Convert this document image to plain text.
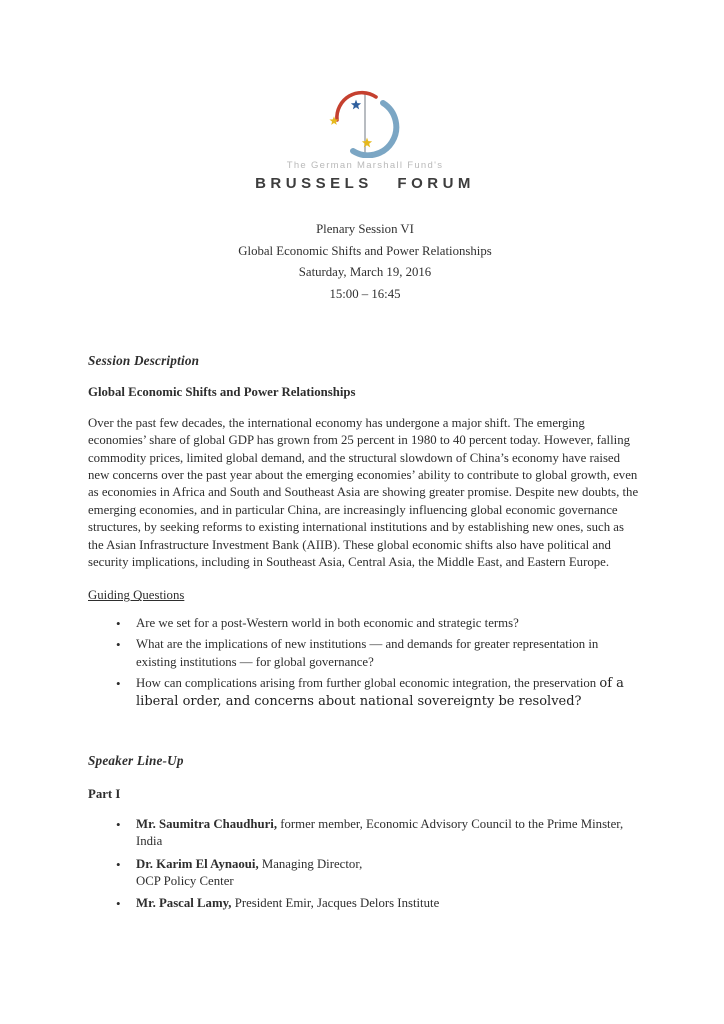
The German Marshall Fund's
BRUSSELS FORUM
Plenary Session VI
Global Economic Shifts and Power Relationships
Saturday, March 19, 2016
15:00 – 16:45
Session Description
Global Economic Shifts and Power Relationships

Over the past few decades, the international economy has undergone a major shift. The emerging economies’ share of global GDP has grown from 25 percent in 1980 to 40 percent today. However, falling commodity prices, limited global demand, and the structural slowdown of China’s economy have raised new concerns over the past year about the emerging economies’ ability to contribute to global growth, even as economies in Africa and South and Southeast Asia are showing greater promise. Despite new doubts, the emerging economies, and in particular China, are increasingly influencing global economic governance structures, by seeking reforms to existing international institutions and by establishing new ones, such as the Asian Infrastructure Investment Bank (AIIB). These global economic shifts also have political and security implications, including in Southeast Asia, Central Asia, the Middle East, and Eastern Europe.

Guiding Questions
• Are we set for a post-Western world in both economic and strategic terms?
• What are the implications of new institutions — and demands for greater representation in existing institutions — for global governance?
• How can complications arising from further global economic integration, the preservation of a liberal order, and concerns about national sovereignty be resolved?
Speaker Line-Up
Part I
• Mr. Saumitra Chaudhuri, former member, Economic Advisory Council to the Prime Minster, India
• Dr. Karim El Aynaoui, Managing Director,
OCP Policy Center
• Mr. Pascal Lamy, President Emir, Jacques Delors Institute
